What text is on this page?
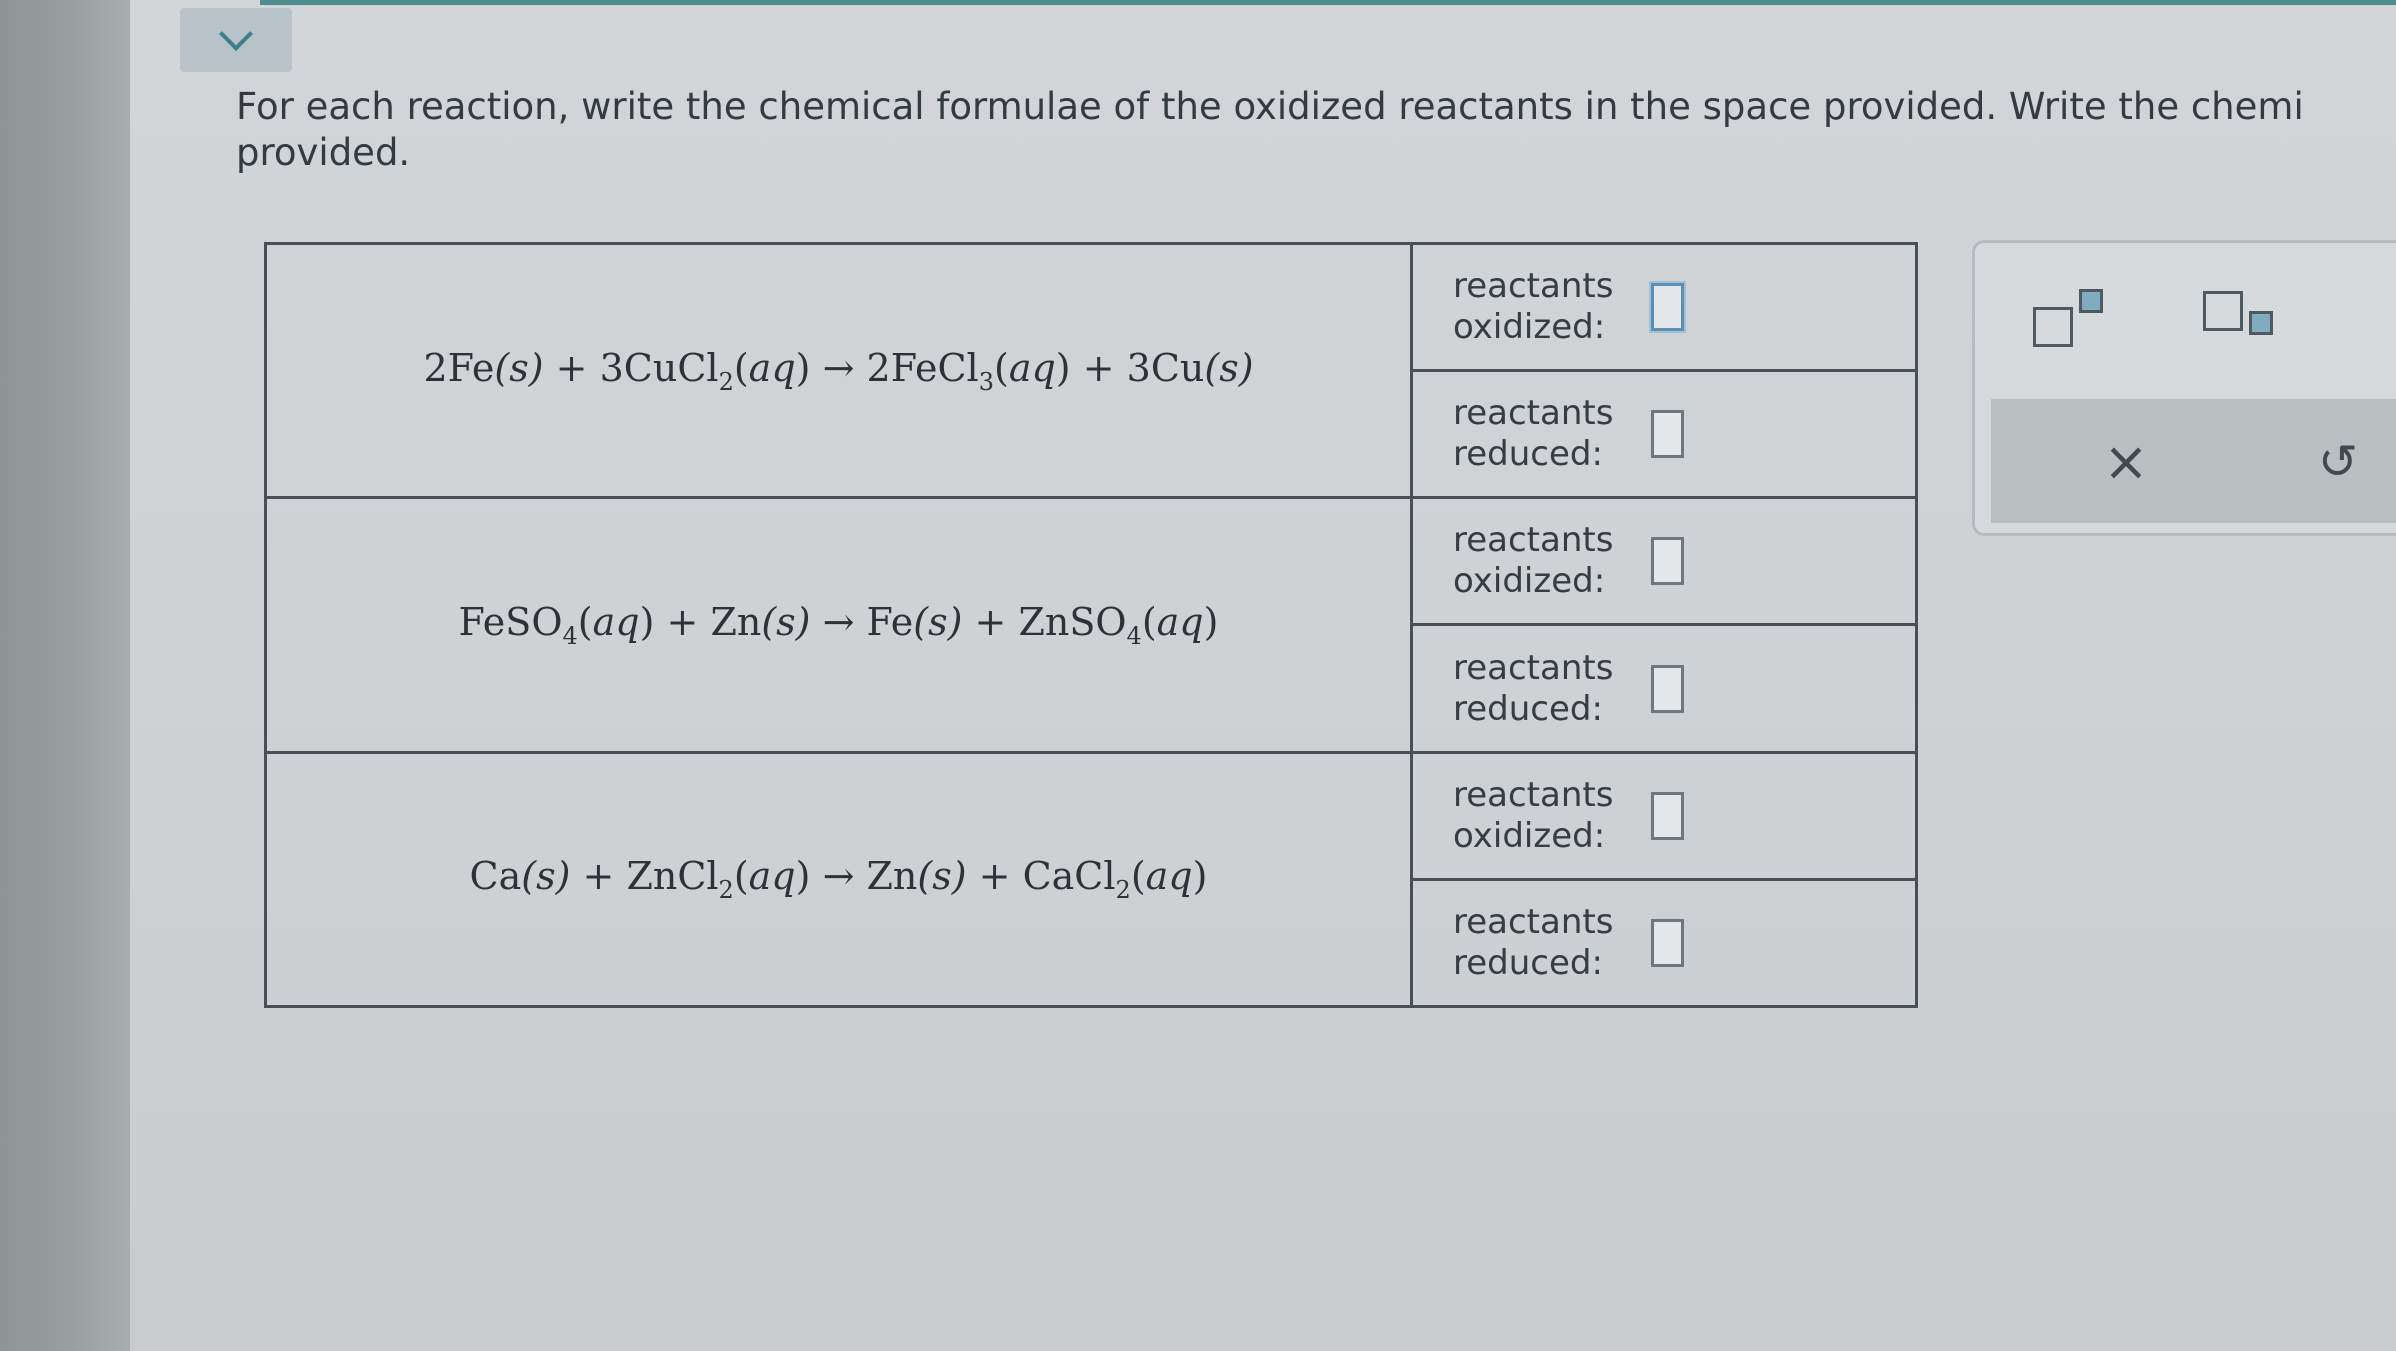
For each reaction, write the chemical formulae of the oxidized reactants in the space provided. Write the chemi
provided.
2Fe(s) + 3CuCl$_2$(aq) → 2FeCl$_3$(aq) + 3Cu(s)	reactants
oxidized:

	reactants
reduced:

FeSO$_4$(aq) + Zn(s) → Fe(s) + ZnSO$_4$(aq)	reactants
oxidized:

	reactants
reduced:

Ca(s) + ZnCl$_2$(aq) → Zn(s) + CaCl$_2$(aq)	reactants
oxidized:

	reactants
reduced:
×	↺
